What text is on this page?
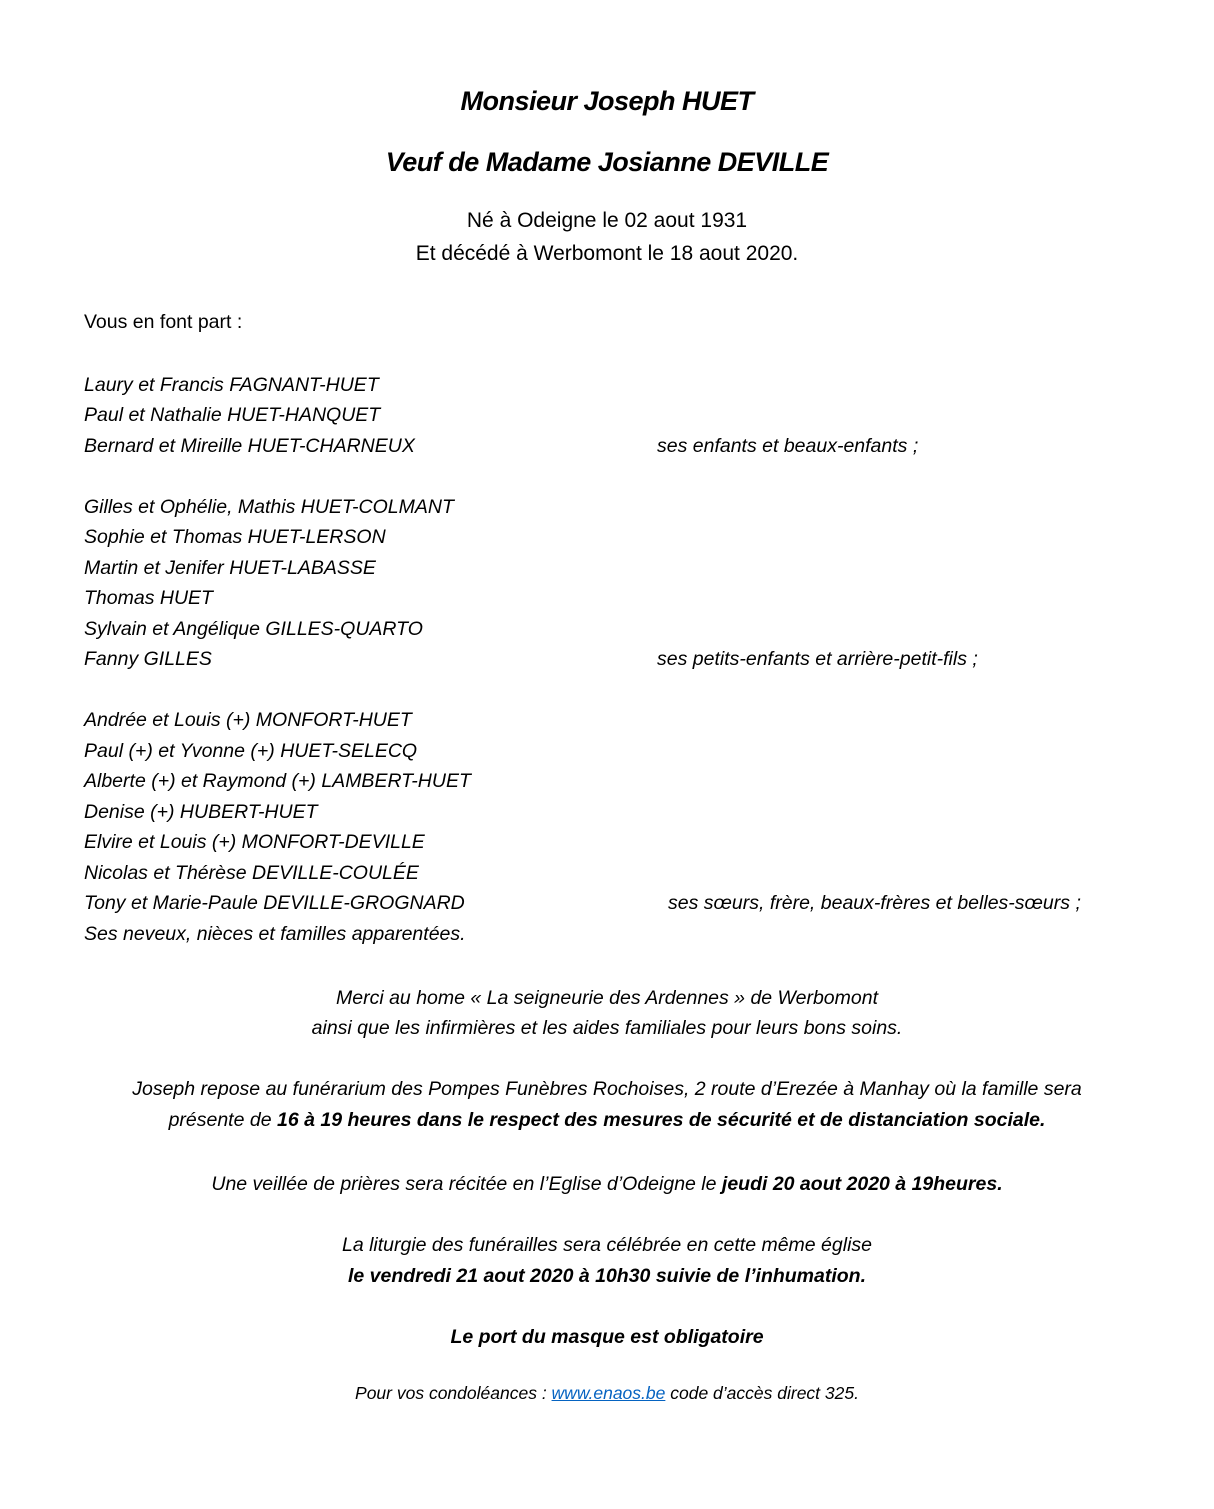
Monsieur Joseph HUET
Veuf de Madame Josianne DEVILLE
Né à Odeigne le 02 aout 1931
Et décédé à Werbomont le 18 aout 2020.
Vous en font part :
Laury et Francis FAGNANT-HUET
Paul et Nathalie HUET-HANQUET
Bernard et Mireille HUET-CHARNEUX	ses enfants et beaux-enfants ;
Gilles et Ophélie, Mathis HUET-COLMANT
Sophie et Thomas HUET-LERSON
Martin et Jenifer HUET-LABASSE
Thomas HUET
Sylvain et Angélique GILLES-QUARTO
Fanny GILLES	ses petits-enfants et arrière-petit-fils ;
Andrée et Louis (+) MONFORT-HUET
Paul (+) et Yvonne (+) HUET-SELECQ
Alberte (+) et Raymond (+) LAMBERT-HUET
Denise (+) HUBERT-HUET
Elvire et Louis (+) MONFORT-DEVILLE
Nicolas et Thérèse DEVILLE-COULÉE
Tony et Marie-Paule DEVILLE-GROGNARD	ses sœurs, frère, beaux-frères et belles-sœurs ;
Ses neveux, nièces et familles apparentées.
Merci au home « La seigneurie des Ardennes » de Werbomont
ainsi que les infirmières et les aides familiales pour leurs bons soins.
Joseph repose au funérarium des Pompes Funèbres Rochoises, 2 route d’Erezée à Manhay où la famille sera
présente de 16 à 19 heures dans le respect des mesures de sécurité et de distanciation sociale.
Une veillée de prières sera récitée en l’Eglise d’Odeigne le jeudi 20 aout 2020 à 19heures.
La liturgie des funérailles sera célébrée en cette même église
le vendredi 21 aout 2020 à 10h30 suivie de l’inhumation.
Le port du masque est obligatoire
Pour vos condoléances : www.enaos.be code d’accès direct 325.
